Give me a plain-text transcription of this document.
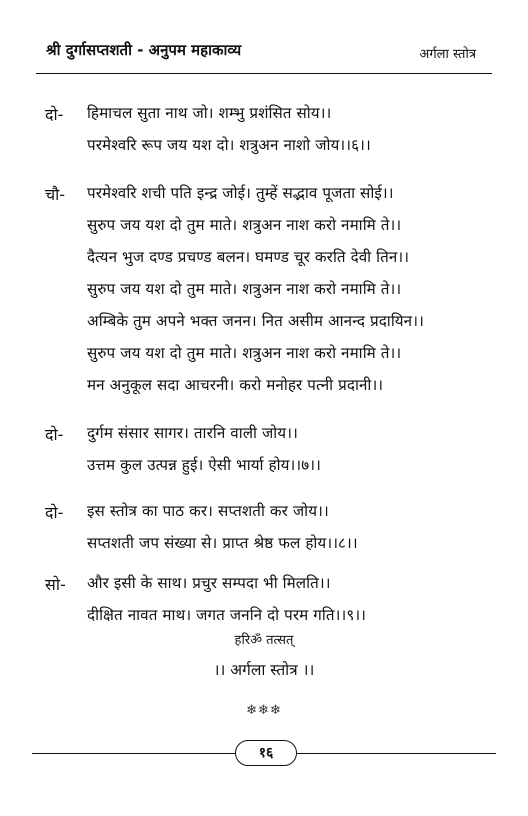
श्री दुर्गासप्तशती - अनुपम महाकाव्य	अर्गला स्तोत्र
दो- हिमाचल सुता नाथ जो। शम्भु प्रशंसित सोय।।
परमेश्वरि रूप जय यश दो। शत्रुअन नाशो जोय।।६।।
चौ- परमेश्वरि शची पति इन्द्र जोई। तुम्हें सद्भाव पूजता सोई।।
सुरुप जय यश दो तुम माते। शत्रुअन नाश करो नमामि ते।।
दैत्यन भुज दण्ड प्रचण्ड बलन। घमण्ड चूर करति देवी तिन।।
सुरुप जय यश दो तुम माते। शत्रुअन नाश करो नमामि ते।।
अम्बिके तुम अपने भक्त जनन। नित असीम आनन्द प्रदायिन।।
सुरुप जय यश दो तुम माते। शत्रुअन नाश करो नमामि ते।।
मन अनुकूल सदा आचरनी। करो मनोहर पत्नी प्रदानी।।
दो- दुर्गम संसार सागर। तारनि वाली जोय।।
उत्तम कुल उत्पन्न हुई। ऐसी भार्या होय।।७।।
दो- इस स्तोत्र का पाठ कर। सप्तशती कर जोय।।
सप्तशती जप संख्या से। प्राप्त श्रेष्ठ फल होय।।८।।
सो- और इसी के साथ। प्रचुर सम्पदा भी मिलति।।
दीक्षित नावत माथ। जगत जननि दो परम गति।।९।।
हरिॐ तत्सत्
।। अर्गला स्तोत्र ।।
❄❄❄
१६
